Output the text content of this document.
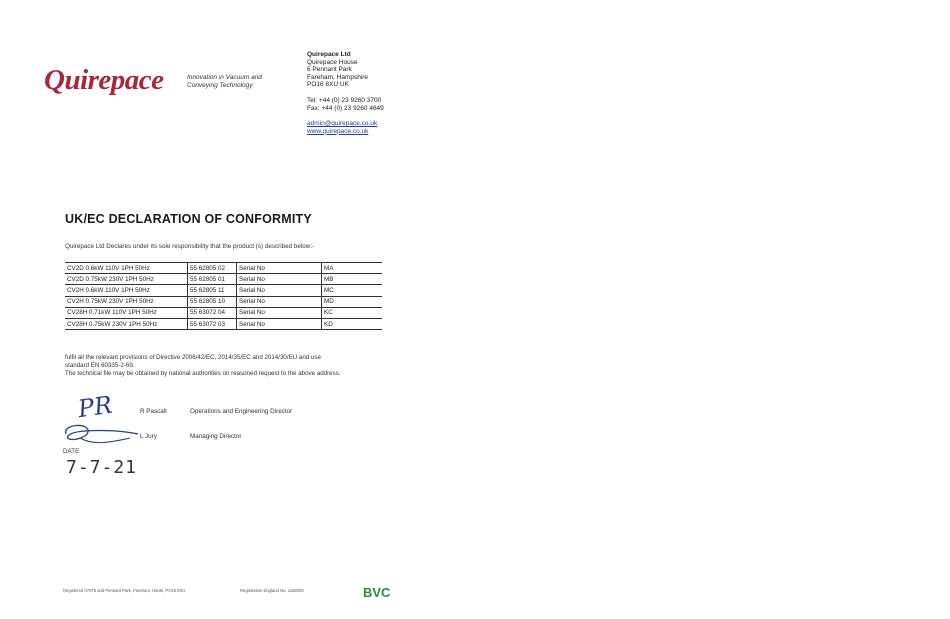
Quirepace	Innovation in Vacuum and Conveying Technology
Quirepace Ltd
Quirepace House
6 Pennant Park
Fareham, Hampshire
PO16 8XU UK
Tel: +44 (0) 23 9260 3700
Fax: +44 (0) 23 9260 4649
admin@quirepace.co.uk
www.quirepace.co.uk
UK/EC DECLARATION OF CONFORMITY
Quirepace Ltd Declares under its sole responsibility that the product (s) described below:-
CV2D 0.6kW 110V 1PH 50Hz	55 62805 02	Serial No	MA
CV2D 0.75kW 230V 1PH 50Hz	55 62805 01	Serial No	MB
CV2H 0.6kW 110V 1PH 50Hz	55 62805 11	Serial No	MC
CV2H 0.75kW 230V 1PH 50Hz	55 62805 10	Serial No	MD
CV28H 0.71kW 110V 1PH 50Hz	55 63072 04	Serial No	KC
CV28H 0.75kW 230V 1PH 50Hz	55 63072 03	Serial No	KD
fulfil all the relevant provisions of Directive 2006/42/EC, 2014/35/EC and 2014/30/EU and use
standard EN 60335-2-69.
The technical file may be obtained by national authorities on reasoned request to the above address.
PR	R Pascall	Operations and Engineering Director
L Jury	Managing Director
DATE
7-7-21
Registered 07075 and Pennant Park, Fareham, Hants, PO16 8XU	Registration England No. 1168005	BVC
